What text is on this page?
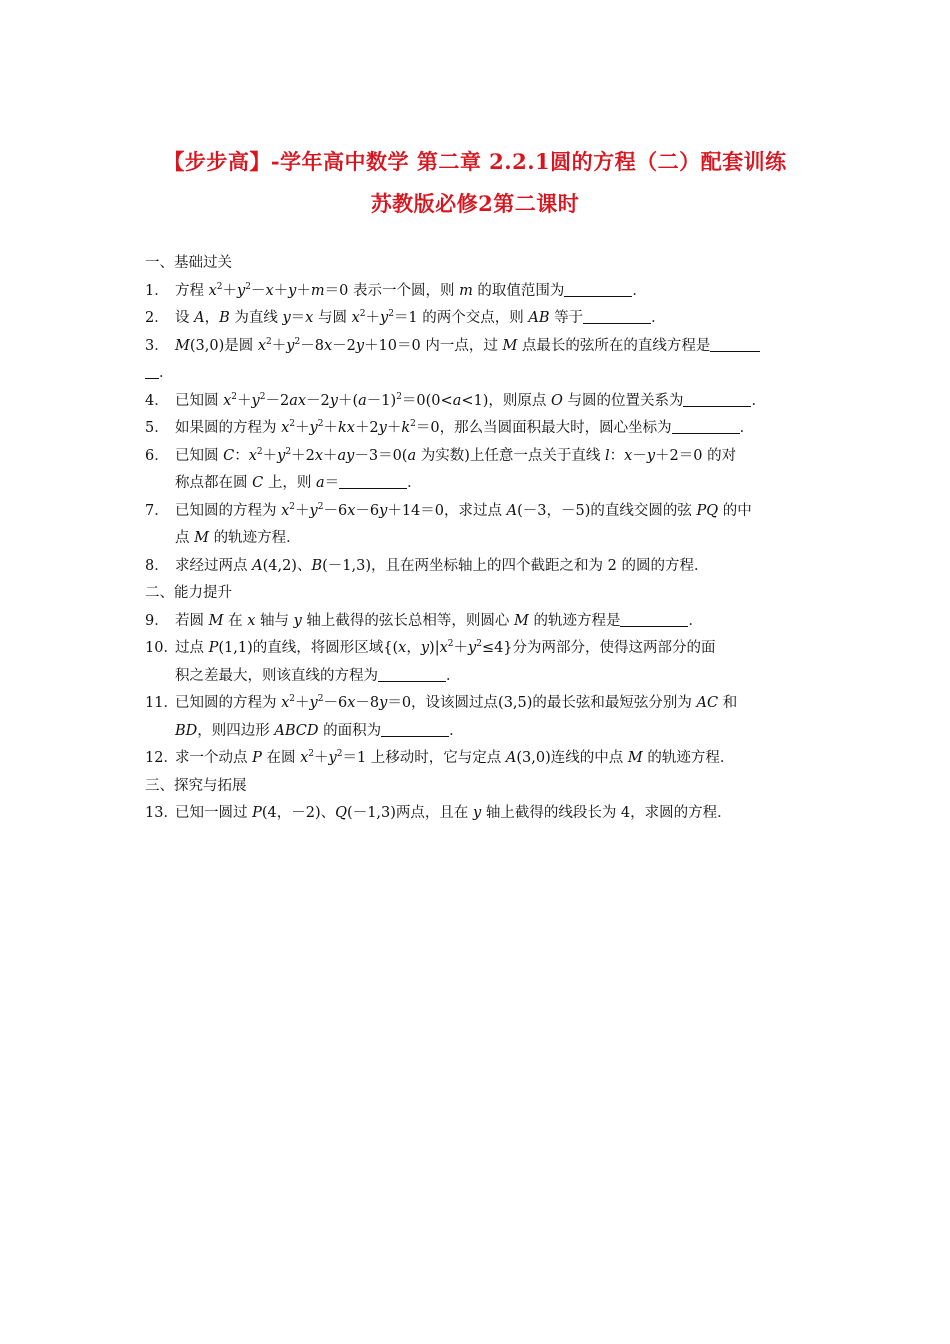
【步步高】-学年高中数学 第二章 2.2.1圆的方程（二）配套训练
苏教版必修2第二课时
一、基础过关
1． 方程 $x^2+y^2-x+y+m=0$ 表示一个圆，则 m 的取值范围为	．
2． 设 A，B 为直线 y＝x 与圆 $x^2+y^2=1$ 的两个交点，则 AB 等于	．
3． M(3,0)是圆 $x^2+y^2-8x-2y+10=0$ 内一点，过 M 点最长的弦所在的直线方程是
．
4． 已知圆 $x^2+y^2-2ax-2y+(a-1)^2=0(0<a<1)$，则原点 O 与圆的位置关系为	．
5． 如果圆的方程为 $x^2+y^2+kx+2y+k^2=0$，那么当圆面积最大时，圆心坐标为	．
6． 已知圆 C：$x^2+y^2+2x+ay-3=0(a$ 为实数)上任意一点关于直线 l：x－y＋2＝0 的对
称点都在圆 C 上，则 a＝	．
7． 已知圆的方程为 $x^2+y^2-6x-6y+14=0$，求过点 A(－3，－5)的直线交圆的弦 PQ 的中
点 M 的轨迹方程．
8． 求经过两点 A(4,2)、B(－1,3)，且在两坐标轴上的四个截距之和为 2 的圆的方程．
二、能力提升
9． 若圆 M 在 x 轴与 y 轴上截得的弦长总相等，则圆心 M 的轨迹方程是	．
10．
过点 P(1,1)的直线，将圆形区域{(x，$y)|x^2+y^2\le 4$}分为两部分，使得这两部分的面
积之差最大，则该直线的方程为	．
11．
已知圆的方程为 $x^2+y^2-6x-8y=0$，设该圆过点(3,5)的最长弦和最短弦分别为 AC 和
BD，则四边形 ABCD 的面积为	．
12．
求一个动点 P 在圆 $x^2+y^2=1$ 上移动时，它与定点 A(3,0)连线的中点 M 的轨迹方程．
三、探究与拓展
13．
已知一圆过 P(4，－2)、Q(－1,3)两点，且在 y 轴上截得的线段长为 4，求圆的方程．
